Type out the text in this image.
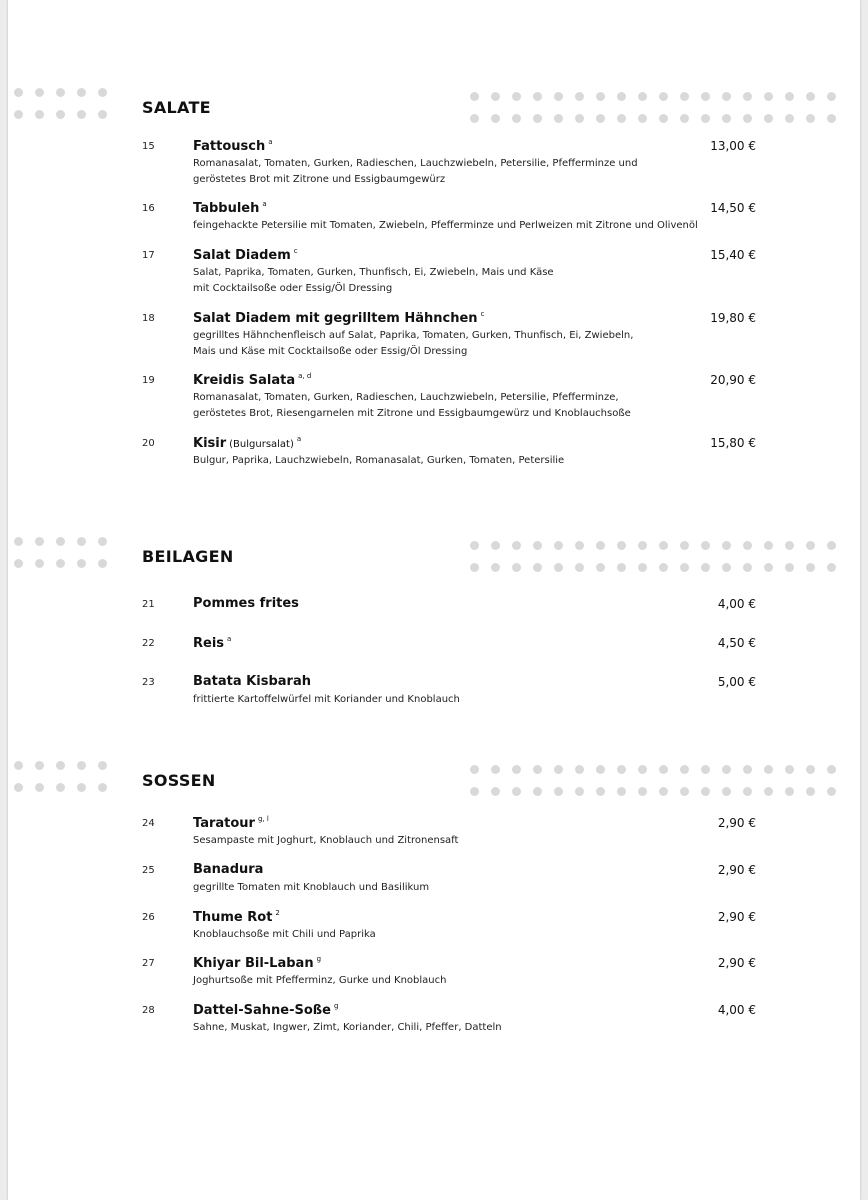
SALATE
15	Fattousch $^a$
Romanasalat, Tomaten, Gurken, Radieschen, Lauchzwiebeln, Petersilie, Pfefferminze und
geröstetes Brot mit Zitrone und Essigbaumgewürz
13,00 €
16	Tabbuleh $^a$
feingehackte Petersilie mit Tomaten, Zwiebeln, Pfefferminze und Perlweizen mit Zitrone und Olivenöl
14,50 €
17	Salat Diadem $^c$
Salat, Paprika, Tomaten, Gurken, Thunfisch, Ei, Zwiebeln, Mais und Käse
mit Cocktailsoße oder Essig/Öl Dressing
15,40 €
18	Salat Diadem mit gegrilltem Hähnchen $^c$
gegrilltes Hähnchenfleisch auf Salat, Paprika, Tomaten, Gurken, Thunfisch, Ei, Zwiebeln,
Mais und Käse mit Cocktailsoße oder Essig/Öl Dressing
19,80 €
19	Kreidis Salata $^{a, d}$
Romanasalat, Tomaten, Gurken, Radieschen, Lauchzwiebeln, Petersilie, Pfefferminze,
geröstetes Brot, Riesengarnelen mit Zitrone und Essigbaumgewürz und Knoblauchsoße
20,90 €
20	Kisir (Bulgursalat) $^a$
Bulgur, Paprika, Lauchzwiebeln, Romanasalat, Gurken, Tomaten, Petersilie
15,80 €
BEILAGEN
21	Pommes frites	4,00 €
22	Reis $^a$	4,50 €
23	Batata Kisbarah
frittierte Kartoffelwürfel mit Koriander und Knoblauch
5,00 €
SOSSEN
24	Taratour $^{g, l}$
Sesampaste mit Joghurt, Knoblauch und Zitronensaft
2,90 €
25	Banadura
gegrillte Tomaten mit Knoblauch und Basilikum
2,90 €
26	Thume Rot $^2$
Knoblauchsoße mit Chili und Paprika
2,90 €
27	Khiyar Bil-Laban $^g$
Joghurtsoße mit Pfefferminz, Gurke und Knoblauch
2,90 €
28	Dattel-Sahne-Soße $^g$
Sahne, Muskat, Ingwer, Zimt, Koriander, Chili, Pfeffer, Datteln
4,00 €
